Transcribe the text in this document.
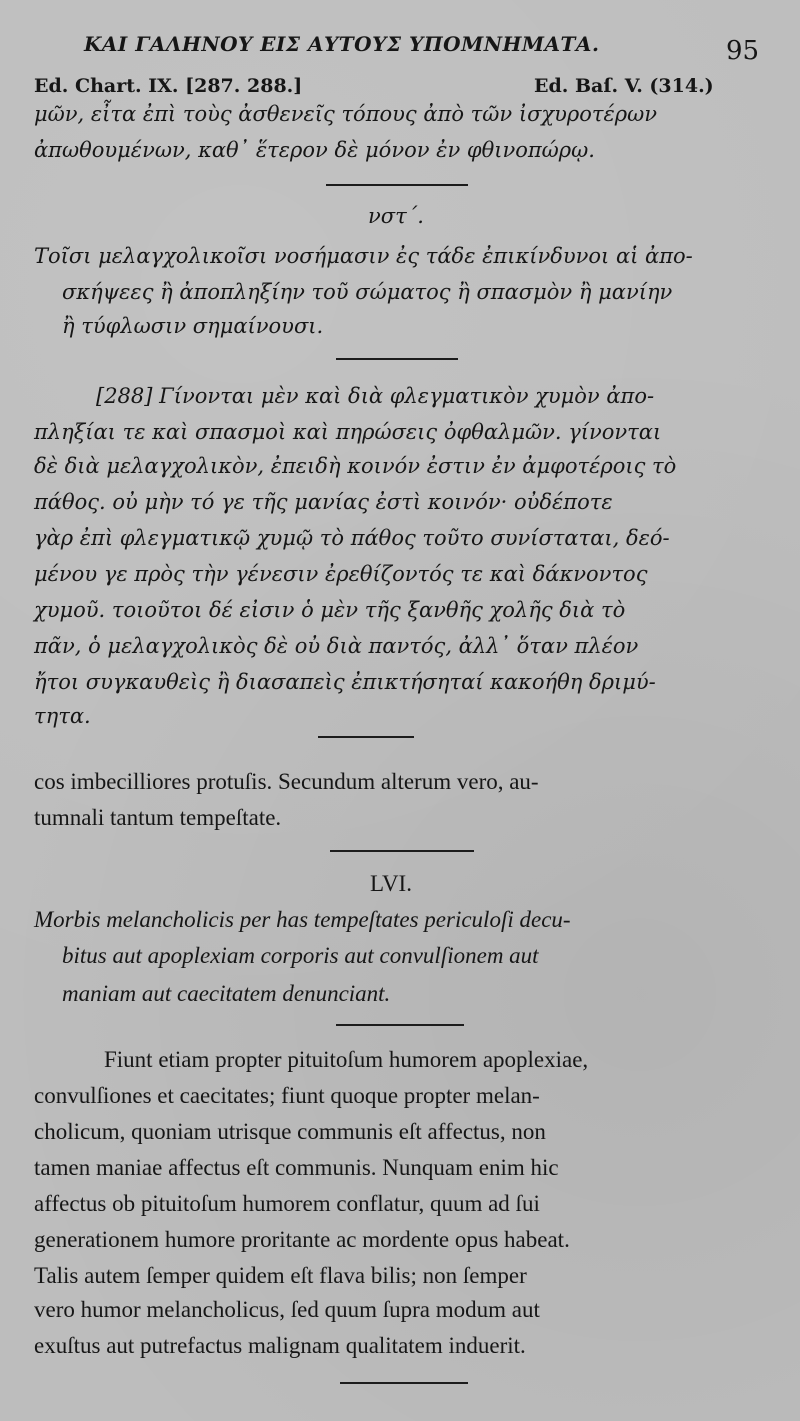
ΚΑΙ ΓΑΛΗΝΟΥ ΕΙΣ ΑΥΤΟΥΣ ΥΠΟΜΝΗΜΑΤΑ.	95
Ed. Chart. IX. [287. 288.]	Ed. Baſ. V. (314.)
μῶν, εἶτα ἐπὶ τοὺς ἀσθενεῖς τόπους ἀπὸ τῶν ἰσχυροτέρων
ἀπωθουμένων, καθ᾽ ἕτερον δὲ μόνον ἐν φθινοπώρῳ.
νστ΄.
Τοῖσι μελαγχολικοῖσι νοσήμασιν ἐς τάδε ἐπικίνδυνοι αἱ ἀπο-
σκήψεες ἢ ἀποπληξίην τοῦ σώματος ἢ σπασμὸν ἢ μανίην
ἢ τύφλωσιν σημαίνουσι.
[288] Γίνονται μὲν καὶ διὰ φλεγματικὸν χυμὸν ἀπο-
πληξίαι τε καὶ σπασμοὶ καὶ πηρώσεις ὀφθαλμῶν. γίνονται
δὲ διὰ μελαγχολικὸν, ἐπειδὴ κοινόν ἐστιν ἐν ἀμφοτέροις τὸ
πάθος. οὐ μὴν τό γε τῆς μανίας ἐστὶ κοινόν· οὐδέποτε
γὰρ ἐπὶ φλεγματικῷ χυμῷ τὸ πάθος τοῦτο συνίσταται, δεό-
μένου γε πρὸς τὴν γένεσιν ἐρεθίζοντός τε καὶ δάκνοντος
χυμοῦ. τοιοῦτοι δέ εἰσιν ὁ μὲν τῆς ξανθῆς χολῆς διὰ τὸ
πᾶν, ὁ μελαγχολικὸς δὲ οὐ διὰ παντός, ἀλλ᾽ ὅταν πλέον
ἤτοι συγκαυθεὶς ἢ διασαπεὶς ἐπικτήσηταί κακοήθη δριμύ-
τητα.
cos imbecilliores protuſis. Secundum alterum vero, au-
tumnali tantum tempeſtate.
LVI.
Morbis melancholicis per has tempeſtates periculoſi decu-
bitus aut apoplexiam corporis aut convulſionem aut
maniam aut caecitatem denunciant.
Fiunt etiam propter pituitoſum humorem apoplexiae,
convulſiones et caecitates; fiunt quoque propter melan-
cholicum, quoniam utrisque communis eſt affectus, non
tamen maniae affectus eſt communis. Nunquam enim hic
affectus ob pituitoſum humorem conflatur, quum ad ſui
generationem humore proritante ac mordente opus habeat.
Talis autem ſemper quidem eſt flava bilis; non ſemper
vero humor melancholicus, ſed quum ſupra modum aut
exuſtus aut putrefactus malignam qualitatem induerit.
